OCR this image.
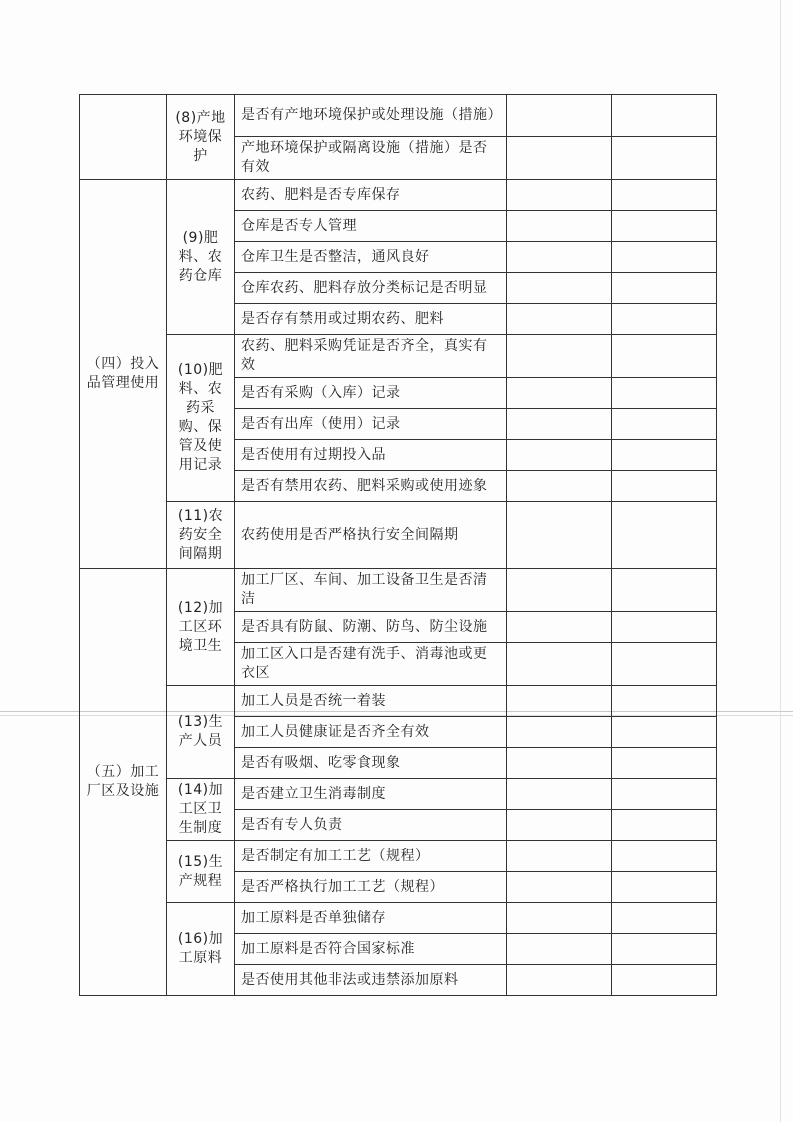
	(8)产地环境保护	是否有产地环境保护或处理设施（措施）		
		产地环境保护或隔离设施（措施）是否有效		
（四）投入品管理使用	(9)肥料、农药仓库	农药、肥料是否专库保存		
		仓库是否专人管理		
		仓库卫生是否整洁，通风良好		
		仓库农药、肥料存放分类标记是否明显		
		是否存有禁用或过期农药、肥料		
	(10)肥料、农药采购、保管及使用记录	农药、肥料采购凭证是否齐全，真实有效		
		是否有采购（入库）记录		
		是否有出库（使用）记录		
		是否使用有过期投入品		
		是否有禁用农药、肥料采购或使用迹象		
	(11)农药安全间隔期	农药使用是否严格执行安全间隔期		
（五）加工厂区及设施	(12)加工区环境卫生	加工厂区、车间、加工设备卫生是否清洁		
		是否具有防鼠、防潮、防鸟、防尘设施		
		加工区入口是否建有洗手、消毒池或更衣区		
	(13)生产人员	加工人员是否统一着装		
		加工人员健康证是否齐全有效		
		是否有吸烟、吃零食现象		
	(14)加工区卫生制度	是否建立卫生消毒制度		
		是否有专人负责		
	(15)生产规程	是否制定有加工工艺（规程）		
		是否严格执行加工工艺（规程）		
	(16)加工原料	加工原料是否单独储存		
		加工原料是否符合国家标准		
		是否使用其他非法或违禁添加原料		
